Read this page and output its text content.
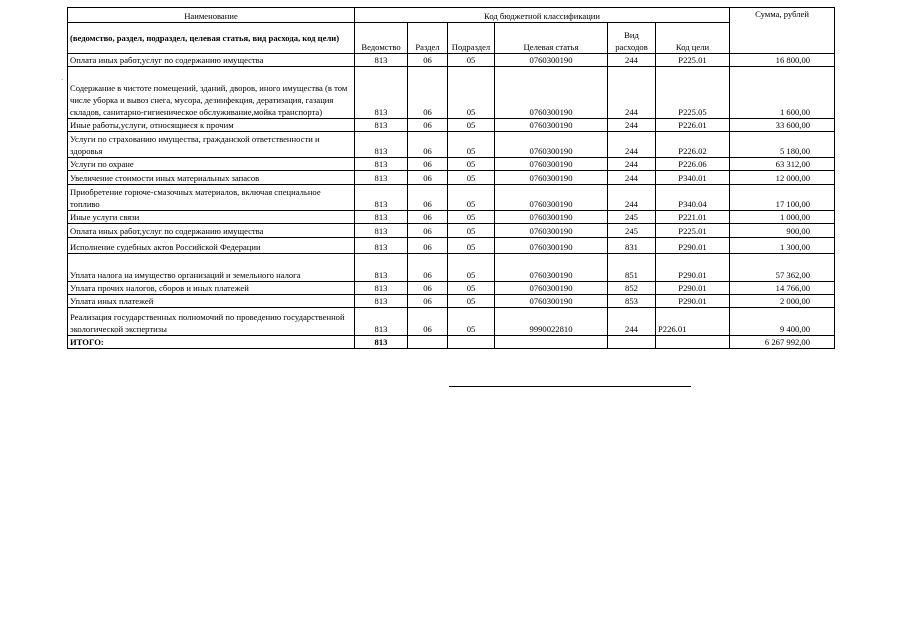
Наименование	Код бюджетной классификации						Сумма, рублей
(ведомство, раздел, подраздел, целевая статья, вид расхода, код цели)	Ведомство	Раздел	Подраздел	Целевая статья	Вид расходов	Код цели	
Оплата иных работ,услуг по содержанию имущества	813	06	05	0760300190	244	P225.01	16 800,00
Содержание в чистоте помещений, зданий, дворов, иного имущества (в том числе уборка и вывоз снега, мусора, дезинфекция, дератизация, газация складов, санитарно-гигиеническое обслуживание,мойка транспорта)	813	06	05	0760300190	244	P225.05	1 600,00
Иные работы,услуги, относящиеся к прочим	813	06	05	0760300190	244	P226.01	33 600,00
Услуги по страхованию имущества, гражданской ответственности и здоровья	813	06	05	0760300190	244	P226.02	5 180,00
Услуги по охране	813	06	05	0760300190	244	P226.06	63 312,00
Увеличение стоимости иных материальных запасов	813	06	05	0760300190	244	P340.01	12 000,00
Приобретение горюче-смазочных материалов, включая специальное топливо	813	06	05	0760300190	244	P340.04	17 100,00
Иные услуги связи	813	06	05	0760300190	245	P221.01	1 000,00
Оплата иных работ,услуг по содержанию имущества	813	06	05	0760300190	245	P225.01	900,00
Исполнение судебных актов Российской Федерации	813	06	05	0760300190	831	P290.01	1 300,00
Уплата налога на имущество организаций и земельного налога	813	06	05	0760300190	851	P290.01	57 362,00
Уплата прочих налогов, сборов и иных платежей	813	06	05	0760300190	852	P290.01	14 766,00
Уплата иных платежей	813	06	05	0760300190	853	P290.01	2 000,00
Реализация государственных полномочий по проведению государственной экологической экспертизы	813	06	05	9990022810	244	P226.01	9 400,00
ИТОГО:	813						6 267 992,00
·
